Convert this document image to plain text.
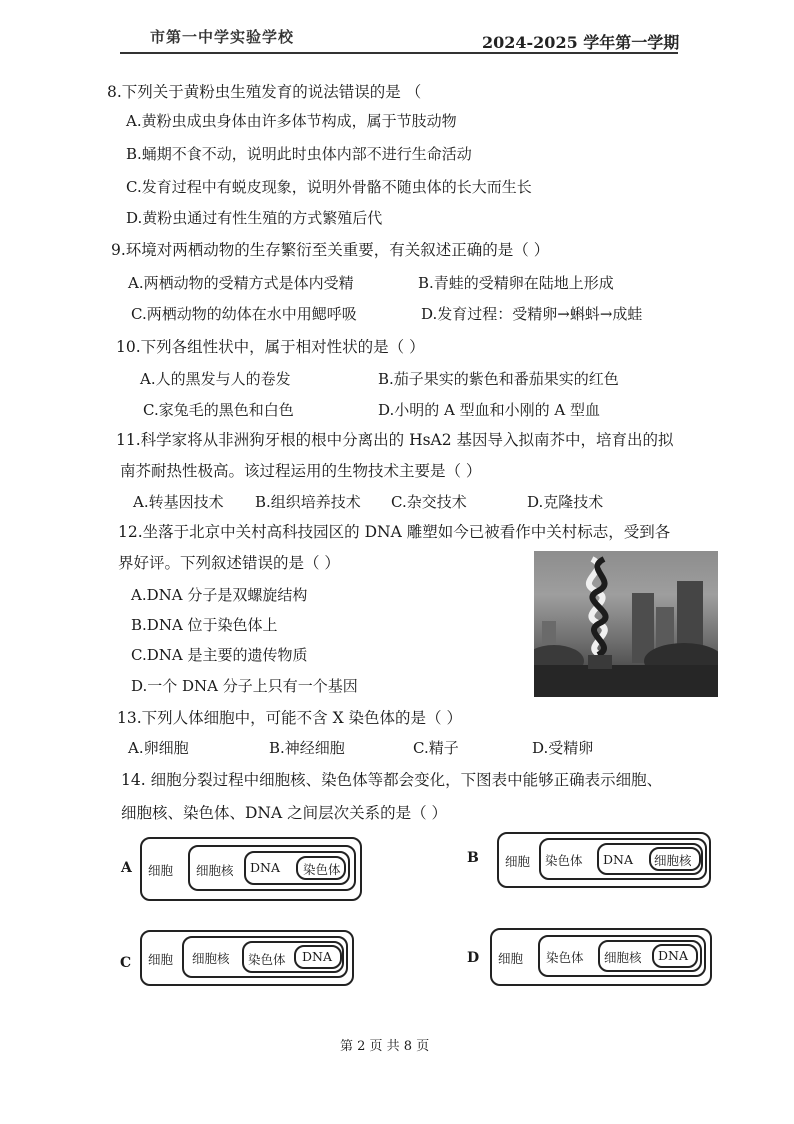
市第一中学实验学校	2024-2025 学年第一学期
8.下列关于黄粉虫生殖发育的说法错误的是 （
A.黄粉虫成虫身体由许多体节构成，属于节肢动物
B.蛹期不食不动，说明此时虫体内部不进行生命活动
C.发育过程中有蜕皮现象，说明外骨骼不随虫体的长大而生长
D.黄粉虫通过有性生殖的方式繁殖后代
9.环境对两栖动物的生存繁衍至关重要，有关叙述正确的是（ ）
A.两栖动物的受精方式是体内受精	B.青蛙的受精卵在陆地上形成
C.两栖动物的幼体在水中用鳃呼吸	D.发育过程：受精卵→蝌蚪→成蛙
10.下列各组性状中，属于相对性状的是（ ）
A.人的黑发与人的卷发	B.茄子果实的紫色和番茄果实的红色
C.家兔毛的黑色和白色	D.小明的 A 型血和小刚的 A 型血
11.科学家将从非洲狗牙根的根中分离出的 HsA2 基因导入拟南芥中，培育出的拟
南芥耐热性极高。该过程运用的生物技术主要是（ ）
A.转基因技术 B.组织培养技术 C.杂交技术	D.克隆技术
12.坐落于北京中关村高科技园区的 DNA 雕塑如今已被看作中关村标志，受到各
界好评。下列叙述错误的是（ ）
A.DNA 分子是双螺旋结构
B.DNA 位于染色体上
C.DNA 是主要的遗传物质
D.一个 DNA 分子上只有一个基因
13.下列人体细胞中，可能不含 X 染色体的是（ ）
A.卵细胞	B.神经细胞	C.精子	D.受精卵
14. 细胞分裂过程中细胞核、染色体等都会变化，下图表中能够正确表示细胞、
细胞核、染色体、DNA 之间层次关系的是（ ）
A 细胞 细胞核 DNA 染色体
B 细胞 染色体 DNA 细胞核
C 细胞 细胞核 染色体 DNA	D 细胞 染色体 细胞核 DNA
第 2 页 共 8 页
